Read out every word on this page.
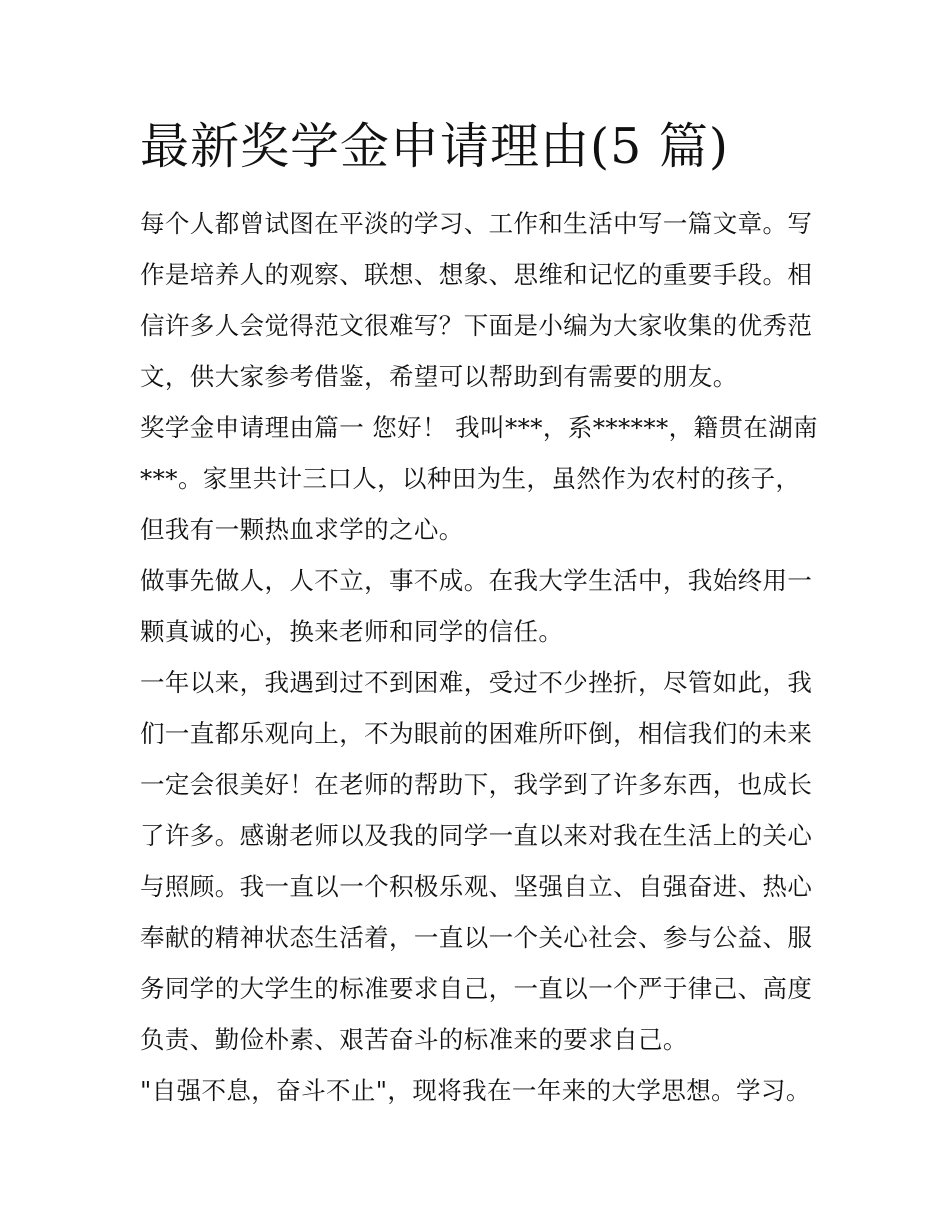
最新奖学金申请理由(5 篇)
每个人都曾试图在平淡的学习、工作和生活中写一篇文章。写
作是培养人的观察、联想、想象、思维和记忆的重要手段。相
信许多人会觉得范文很难写？下面是小编为大家收集的优秀范
文，供大家参考借鉴，希望可以帮助到有需要的朋友。
奖学金申请理由篇一 您好！ 我叫***，系******，籍贯在湖南
***。家里共计三口人，以种田为生，虽然作为农村的孩子，
但我有一颗热血求学的之心。
做事先做人，人不立，事不成。在我大学生活中，我始终用一
颗真诚的心，换来老师和同学的信任。
一年以来，我遇到过不到困难，受过不少挫折，尽管如此，我
们一直都乐观向上，不为眼前的困难所吓倒，相信我们的未来
一定会很美好！在老师的帮助下，我学到了许多东西，也成长
了许多。感谢老师以及我的同学一直以来对我在生活上的关心
与照顾。我一直以一个积极乐观、坚强自立、自强奋进、热心
奉献的精神状态生活着，一直以一个关心社会、参与公益、服
务同学的大学生的标准要求自己，一直以一个严于律己、高度
负责、勤俭朴素、艰苦奋斗的标准来的要求自己。
"自强不息，奋斗不止"，现将我在一年来的大学思想。学习。
